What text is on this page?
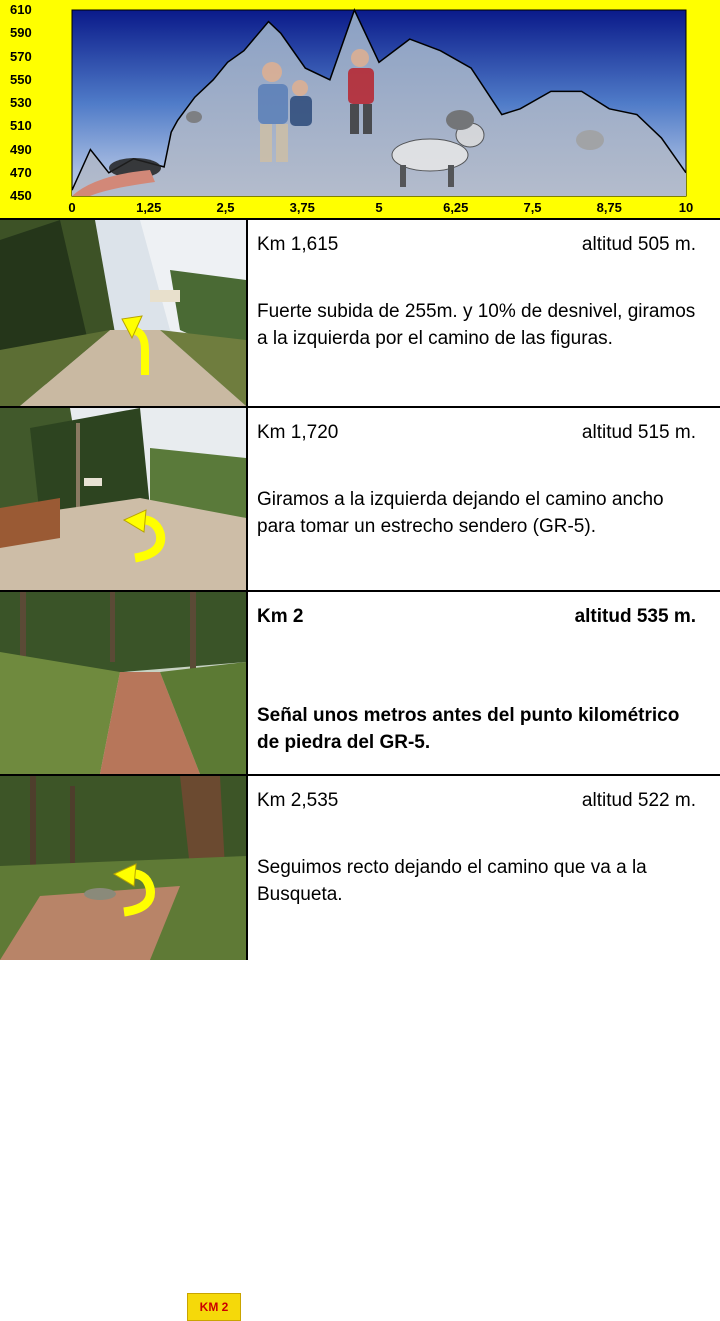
610
590
570
550
530
510
490
470
450
0	1,25	2,5	3,75	5	6,25	7,5	8,75	10
Km 1,615	altitud 505 m.
Fuerte subida de 255m. y 10% de desnivel, giramos a la izquierda por el camino de las figuras.
Km 1,720	altitud 515 m.
Giramos a la izquierda dejando el camino ancho para tomar un estrecho sendero (GR-5).
KM 2
Km 2	altitud 535 m.
Señal unos metros antes del punto kilométrico de piedra del GR-5.
Km 2,535	altitud 522 m.
Seguimos recto dejando el camino que va a la Busqueta.
